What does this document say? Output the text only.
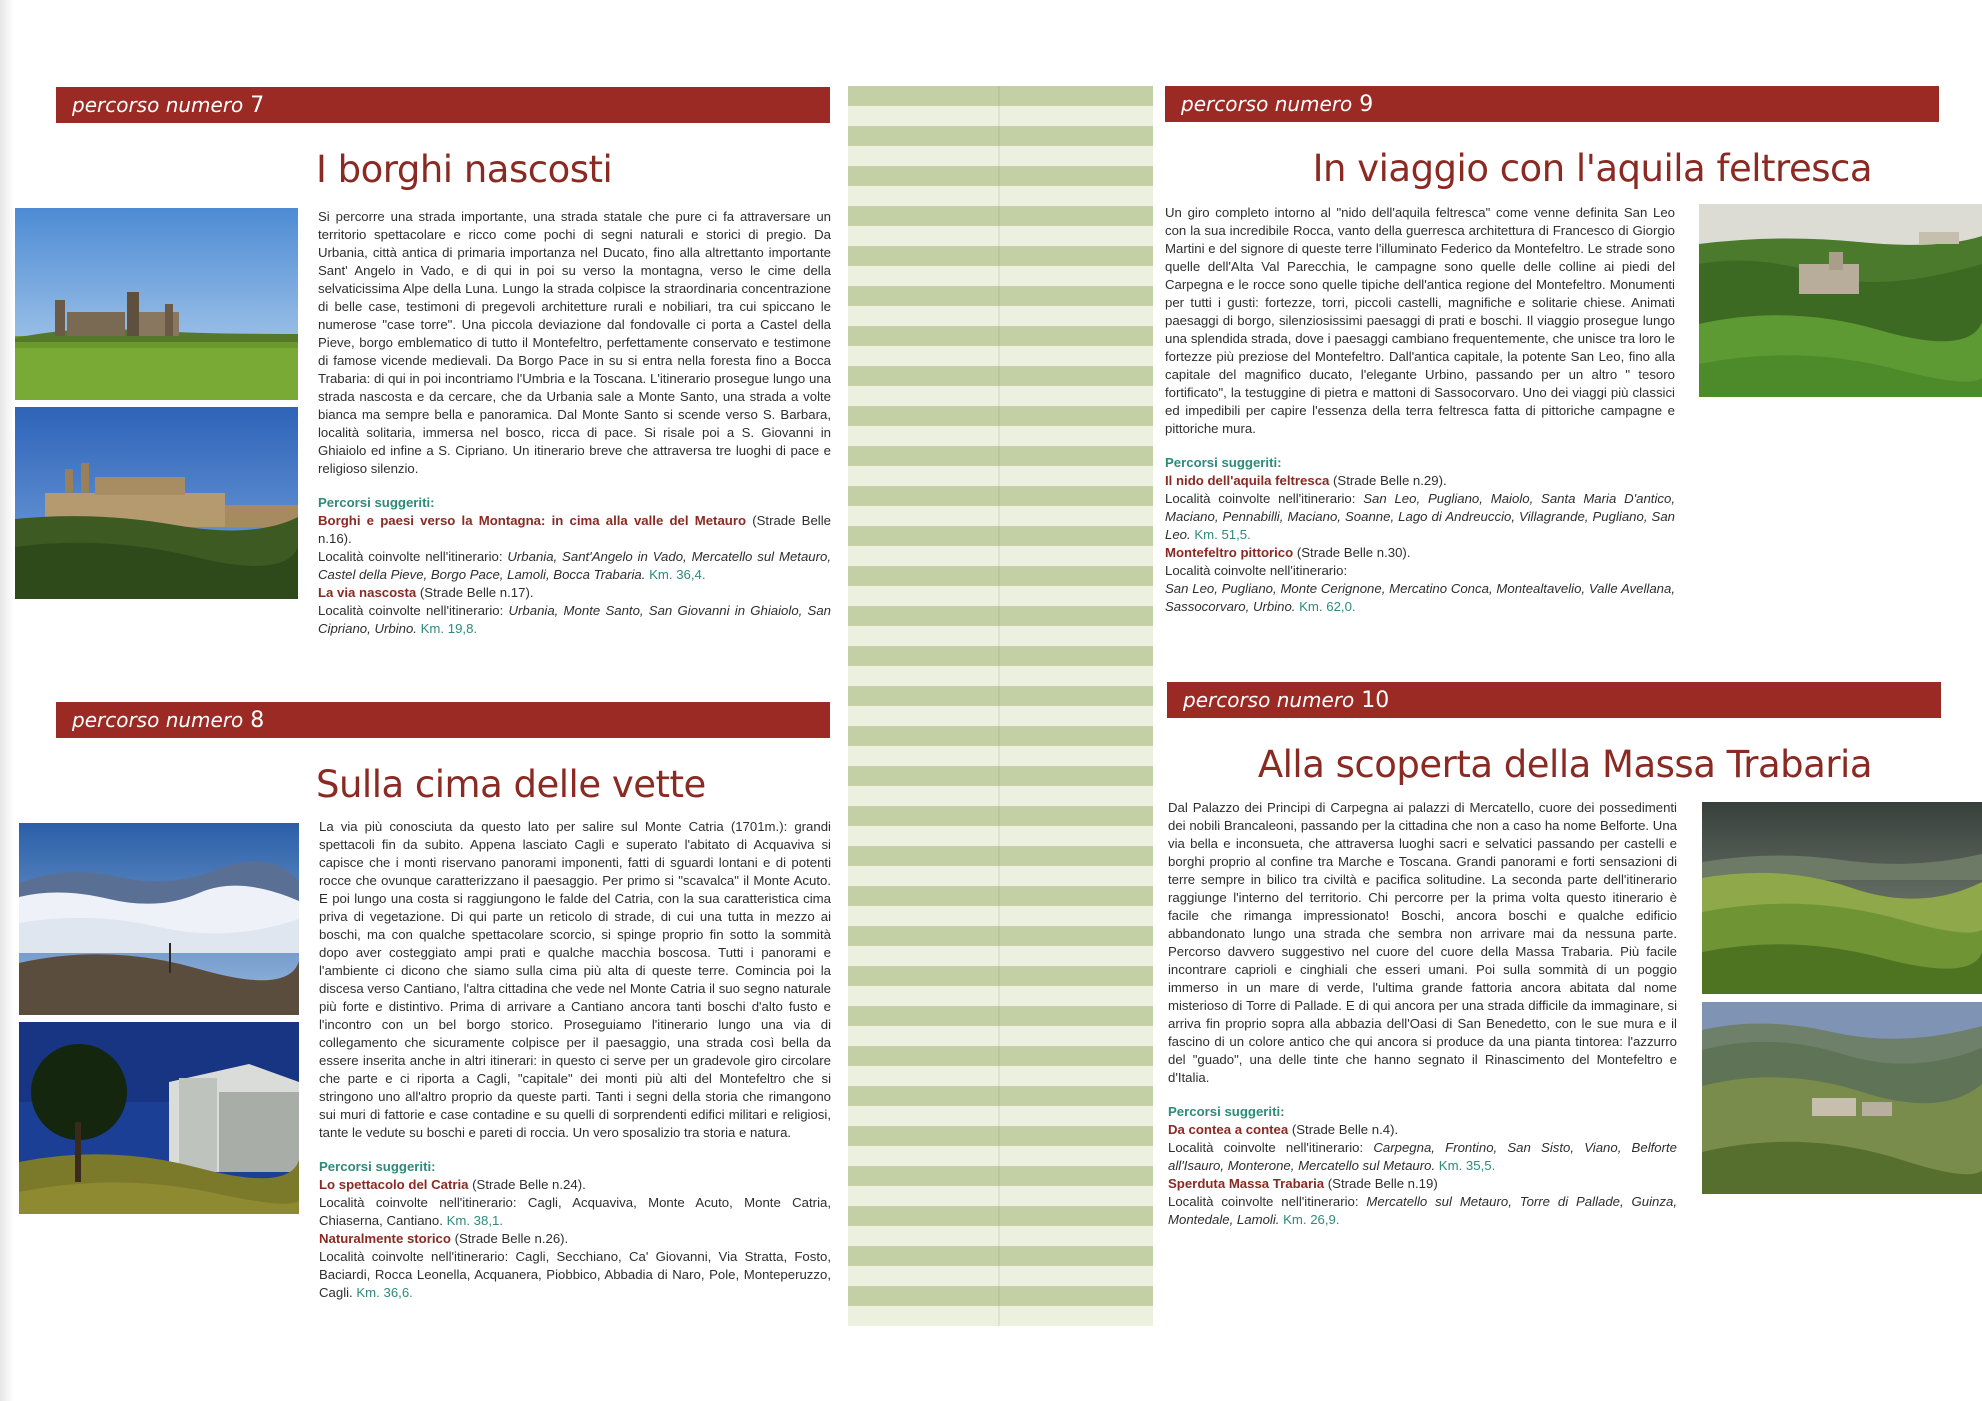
percorso numero 7
I borghi nascosti

Si percorre una strada importante, una strada statale che pure ci fa attraversare un territorio spettacolare e ricco come pochi di segni naturali e storici di pregio. Da Urbania, città antica di primaria importanza nel Ducato, fino alla altrettanto importante Sant' Angelo in Vado, e di qui in poi su verso la montagna, verso le cime della selvaticissima Alpe della Luna. Lungo la strada colpisce la straordinaria concentrazione di belle case, testimoni di pregevoli architetture rurali e nobiliari, tra cui spiccano le numerose "case torre". Una piccola deviazione dal fondovalle ci porta a Castel della Pieve, borgo emblematico di tutto il Montefeltro, perfettamente conservato e testimone di famose vicende medievali. Da Borgo Pace in su si entra nella foresta fino a Bocca Trabaria: di qui in poi incontriamo l'Umbria e la Toscana. L'itinerario prosegue lungo una strada nascosta e da cercare, che da Urbania sale a Monte Santo, una strada a volte bianca ma sempre bella e panoramica. Dal Monte Santo si scende verso S. Barbara, località solitaria, immersa nel bosco, ricca di pace. Si risale poi a S. Giovanni in Ghiaiolo ed infine a S. Cipriano. Un itinerario breve che attraversa tre luoghi di pace e religioso silenzio.

Percorsi suggeriti:
Borghi e paesi verso la Montagna: in cima alla valle del Metauro (Strade Belle n.16).
Località coinvolte nell'itinerario: Urbania, Sant'Angelo in Vado, Mercatello sul Metauro, Castel della Pieve, Borgo Pace, Lamoli, Bocca Trabaria. Km. 36,4.
La via nascosta (Strade Belle n.17).
Località coinvolte nell'itinerario: Urbania, Monte Santo, San Giovanni in Ghiaiolo, San Cipriano, Urbino. Km. 19,8.

percorso numero 8
Sulla cima delle vette

La via più conosciuta da questo lato per salire sul Monte Catria (1701m.): grandi spettacoli fin da subito. Appena lasciato Cagli e superato l'abitato di Acquaviva si capisce che i monti riservano panorami imponenti, fatti di sguardi lontani e di potenti rocce che ovunque caratterizzano il paesaggio. Per primo si "scavalca" il Monte Acuto. E poi lungo una costa si raggiungono le falde del Catria, con la sua caratteristica cima priva di vegetazione. Di qui parte un reticolo di strade, di cui una tutta in mezzo ai boschi, ma con qualche spettacolare scorcio, si spinge proprio fin sotto la sommità dopo aver costeggiato ampi prati e qualche macchia boscosa. Tutti i panorami e l'ambiente ci dicono che siamo sulla cima più alta di queste terre. Comincia poi la discesa verso Cantiano, l'altra cittadina che vede nel Monte Catria il suo segno naturale più forte e distintivo. Prima di arrivare a Cantiano ancora tanti boschi d'alto fusto e l'incontro con un bel borgo storico. Proseguiamo l'itinerario lungo una via di collegamento che sicuramente colpisce per il paesaggio, una strada così bella da essere inserita anche in altri itinerari: in questo ci serve per un gradevole giro circolare che parte e ci riporta a Cagli, "capitale" dei monti più alti del Montefeltro che si stringono uno all'altro proprio da queste parti. Tanti i segni della storia che rimangono sui muri di fattorie e case contadine e su quelli di sorprendenti edifici militari e religiosi, tante le vedute su boschi e pareti di roccia. Un vero sposalizio tra storia e natura.

Percorsi suggeriti:
Lo spettacolo del Catria (Strade Belle n.24).
Località coinvolte nell'itinerario: Cagli, Acquaviva, Monte Acuto, Monte Catria, Chiaserna, Cantiano. Km. 38,1.
Naturalmente storico (Strade Belle n.26).
Località coinvolte nell'itinerario: Cagli, Secchiano, Ca' Giovanni, Via Stratta, Fosto, Baciardi, Rocca Leonella, Acquanera, Piobbico, Abbadia di Naro, Pole, Monteperuzzo, Cagli. Km. 36,6.

percorso numero 9
In viaggio con l'aquila feltresca

Un giro completo intorno al "nido dell'aquila feltresca" come venne definita San Leo con la sua incredibile Rocca, vanto della guerresca architettura di Francesco di Giorgio Martini e del signore di queste terre l'illuminato Federico da Montefeltro. Le strade sono quelle dell'Alta Val Parecchia, le campagne sono quelle delle colline ai piedi del Carpegna e le rocce sono quelle tipiche dell'antica regione del Montefeltro. Monumenti per tutti i gusti: fortezze, torri, piccoli castelli, magnifiche e solitarie chiese. Animati paesaggi di borgo, silenziosissimi paesaggi di prati e boschi. Il viaggio prosegue lungo una splendida strada, dove i paesaggi cambiano frequentemente, che unisce tra loro le fortezze più preziose del Montefeltro. Dall'antica capitale, la potente San Leo, fino alla capitale del magnifico ducato, l'elegante Urbino, passando per un altro " tesoro fortificato", la testuggine di pietra e mattoni di Sassocorvaro. Uno dei viaggi più classici ed impedibili per capire l'essenza della terra feltresca fatta di pittoriche campagne e pittoriche mura.

Percorsi suggeriti:
Il nido dell'aquila feltresca (Strade Belle n.29).
Località coinvolte nell'itinerario: San Leo, Pugliano, Maiolo, Santa Maria D'antico, Maciano, Pennabilli, Maciano, Soanne, Lago di Andreuccio, Villagrande, Pugliano, San Leo. Km. 51,5.
Montefeltro pittorico (Strade Belle n.30).
Località coinvolte nell'itinerario:
San Leo, Pugliano, Monte Cerignone, Mercatino Conca, Montealtavelio, Valle Avellana, Sassocorvaro, Urbino. Km. 62,0.

percorso numero 10
Alla scoperta della Massa Trabaria

Dal Palazzo dei Principi di Carpegna ai palazzi di Mercatello, cuore dei possedimenti dei nobili Brancaleoni, passando per la cittadina che non a caso ha nome Belforte. Una via bella e inconsueta, che attraversa luoghi sacri e selvatici passando per castelli e borghi proprio al confine tra Marche e Toscana. Grandi panorami e forti sensazioni di terre sempre in bilico tra civiltà e pacifica solitudine. La seconda parte dell'itinerario raggiunge l'interno del territorio. Chi percorre per la prima volta questo itinerario è facile che rimanga impressionato! Boschi, ancora boschi e qualche edificio abbandonato lungo una strada che sembra non arrivare mai da nessuna parte. Percorso davvero suggestivo nel cuore del cuore della Massa Trabaria. Più facile incontrare caprioli e cinghiali che esseri umani. Poi sulla sommità di un poggio immerso in un mare di verde, l'ultima grande fattoria ancora abitata dal nome misterioso di Torre di Pallade. E di qui ancora per una strada difficile da immaginare, si arriva fin proprio sopra alla abbazia dell'Oasi di San Benedetto, con le sue mura e il fascino di un colore antico che qui ancora si produce da una pianta tintorea: l'azzurro del "guado", una delle tinte che hanno segnato il Rinascimento del Montefeltro e d'Italia.

Percorsi suggeriti:
Da contea a contea (Strade Belle n.4).
Località coinvolte nell'itinerario: Carpegna, Frontino, San Sisto, Viano, Belforte all'Isauro, Monterone, Mercatello sul Metauro. Km. 35,5.
Sperduta Massa Trabaria (Strade Belle n.19)
Località coinvolte nell'itinerario: Mercatello sul Metauro, Torre di Pallade, Guinza, Montedale, Lamoli. Km. 26,9.
